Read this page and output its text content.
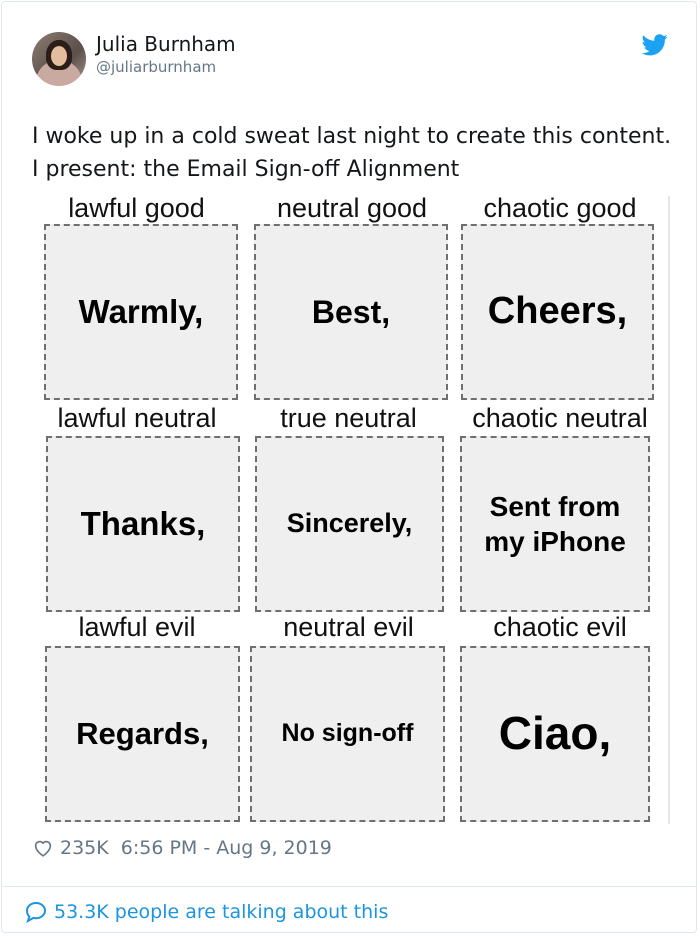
Julia Burnham
@juliarburnham
I woke up in a cold sweat last night to create this content. I present: the Email Sign-off Alignment
lawful good
Warmly,
neutral good
Best,
chaotic good
Cheers,
lawful neutral
Thanks,
true neutral
Sincerely,
chaotic neutral
Sent from my iPhone
lawful evil
Regards,
neutral evil
No sign-off
chaotic evil
Ciao,
235K 6:56 PM - Aug 9, 2019
53.3K people are talking about this
